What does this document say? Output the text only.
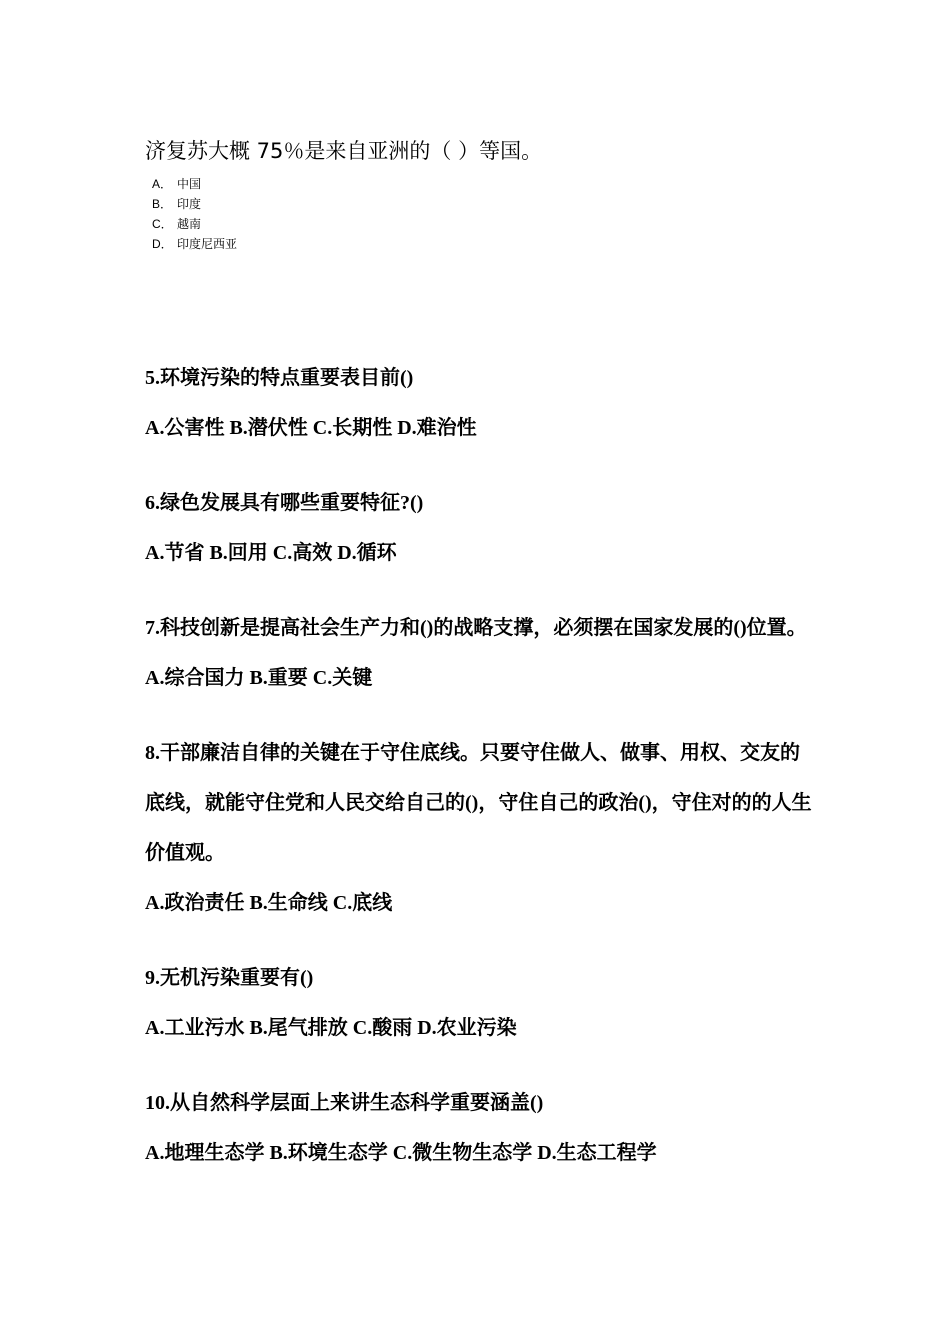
济复苏大概 75％是来自亚洲的（ ）等国。
A． 中国
B． 印度
C． 越南
D． 印度尼西亚

5.环境污染的特点重要表目前()

A.公害性 B.潜伏性 C.长期性 D.难治性

6.绿色发展具有哪些重要特征?()

A.节省 B.回用 C.高效 D.循环

7.科技创新是提高社会生产力和()的战略支撑，必须摆在国家发展的()位置。

A.综合国力 B.重要 C.关键

8.干部廉洁自律的关键在于守住底线。只要守住做人、做事、用权、交友的底线，就能守住党和人民交给自己的()，守住自己的政治()，守住对的的人生价值观。

A.政治责任 B.生命线 C.底线

9.无机污染重要有()

A.工业污水 B.尾气排放 C.酸雨 D.农业污染

10.从自然科学层面上来讲生态科学重要涵盖()

A.地理生态学 B.环境生态学 C.微生物生态学 D.生态工程学
